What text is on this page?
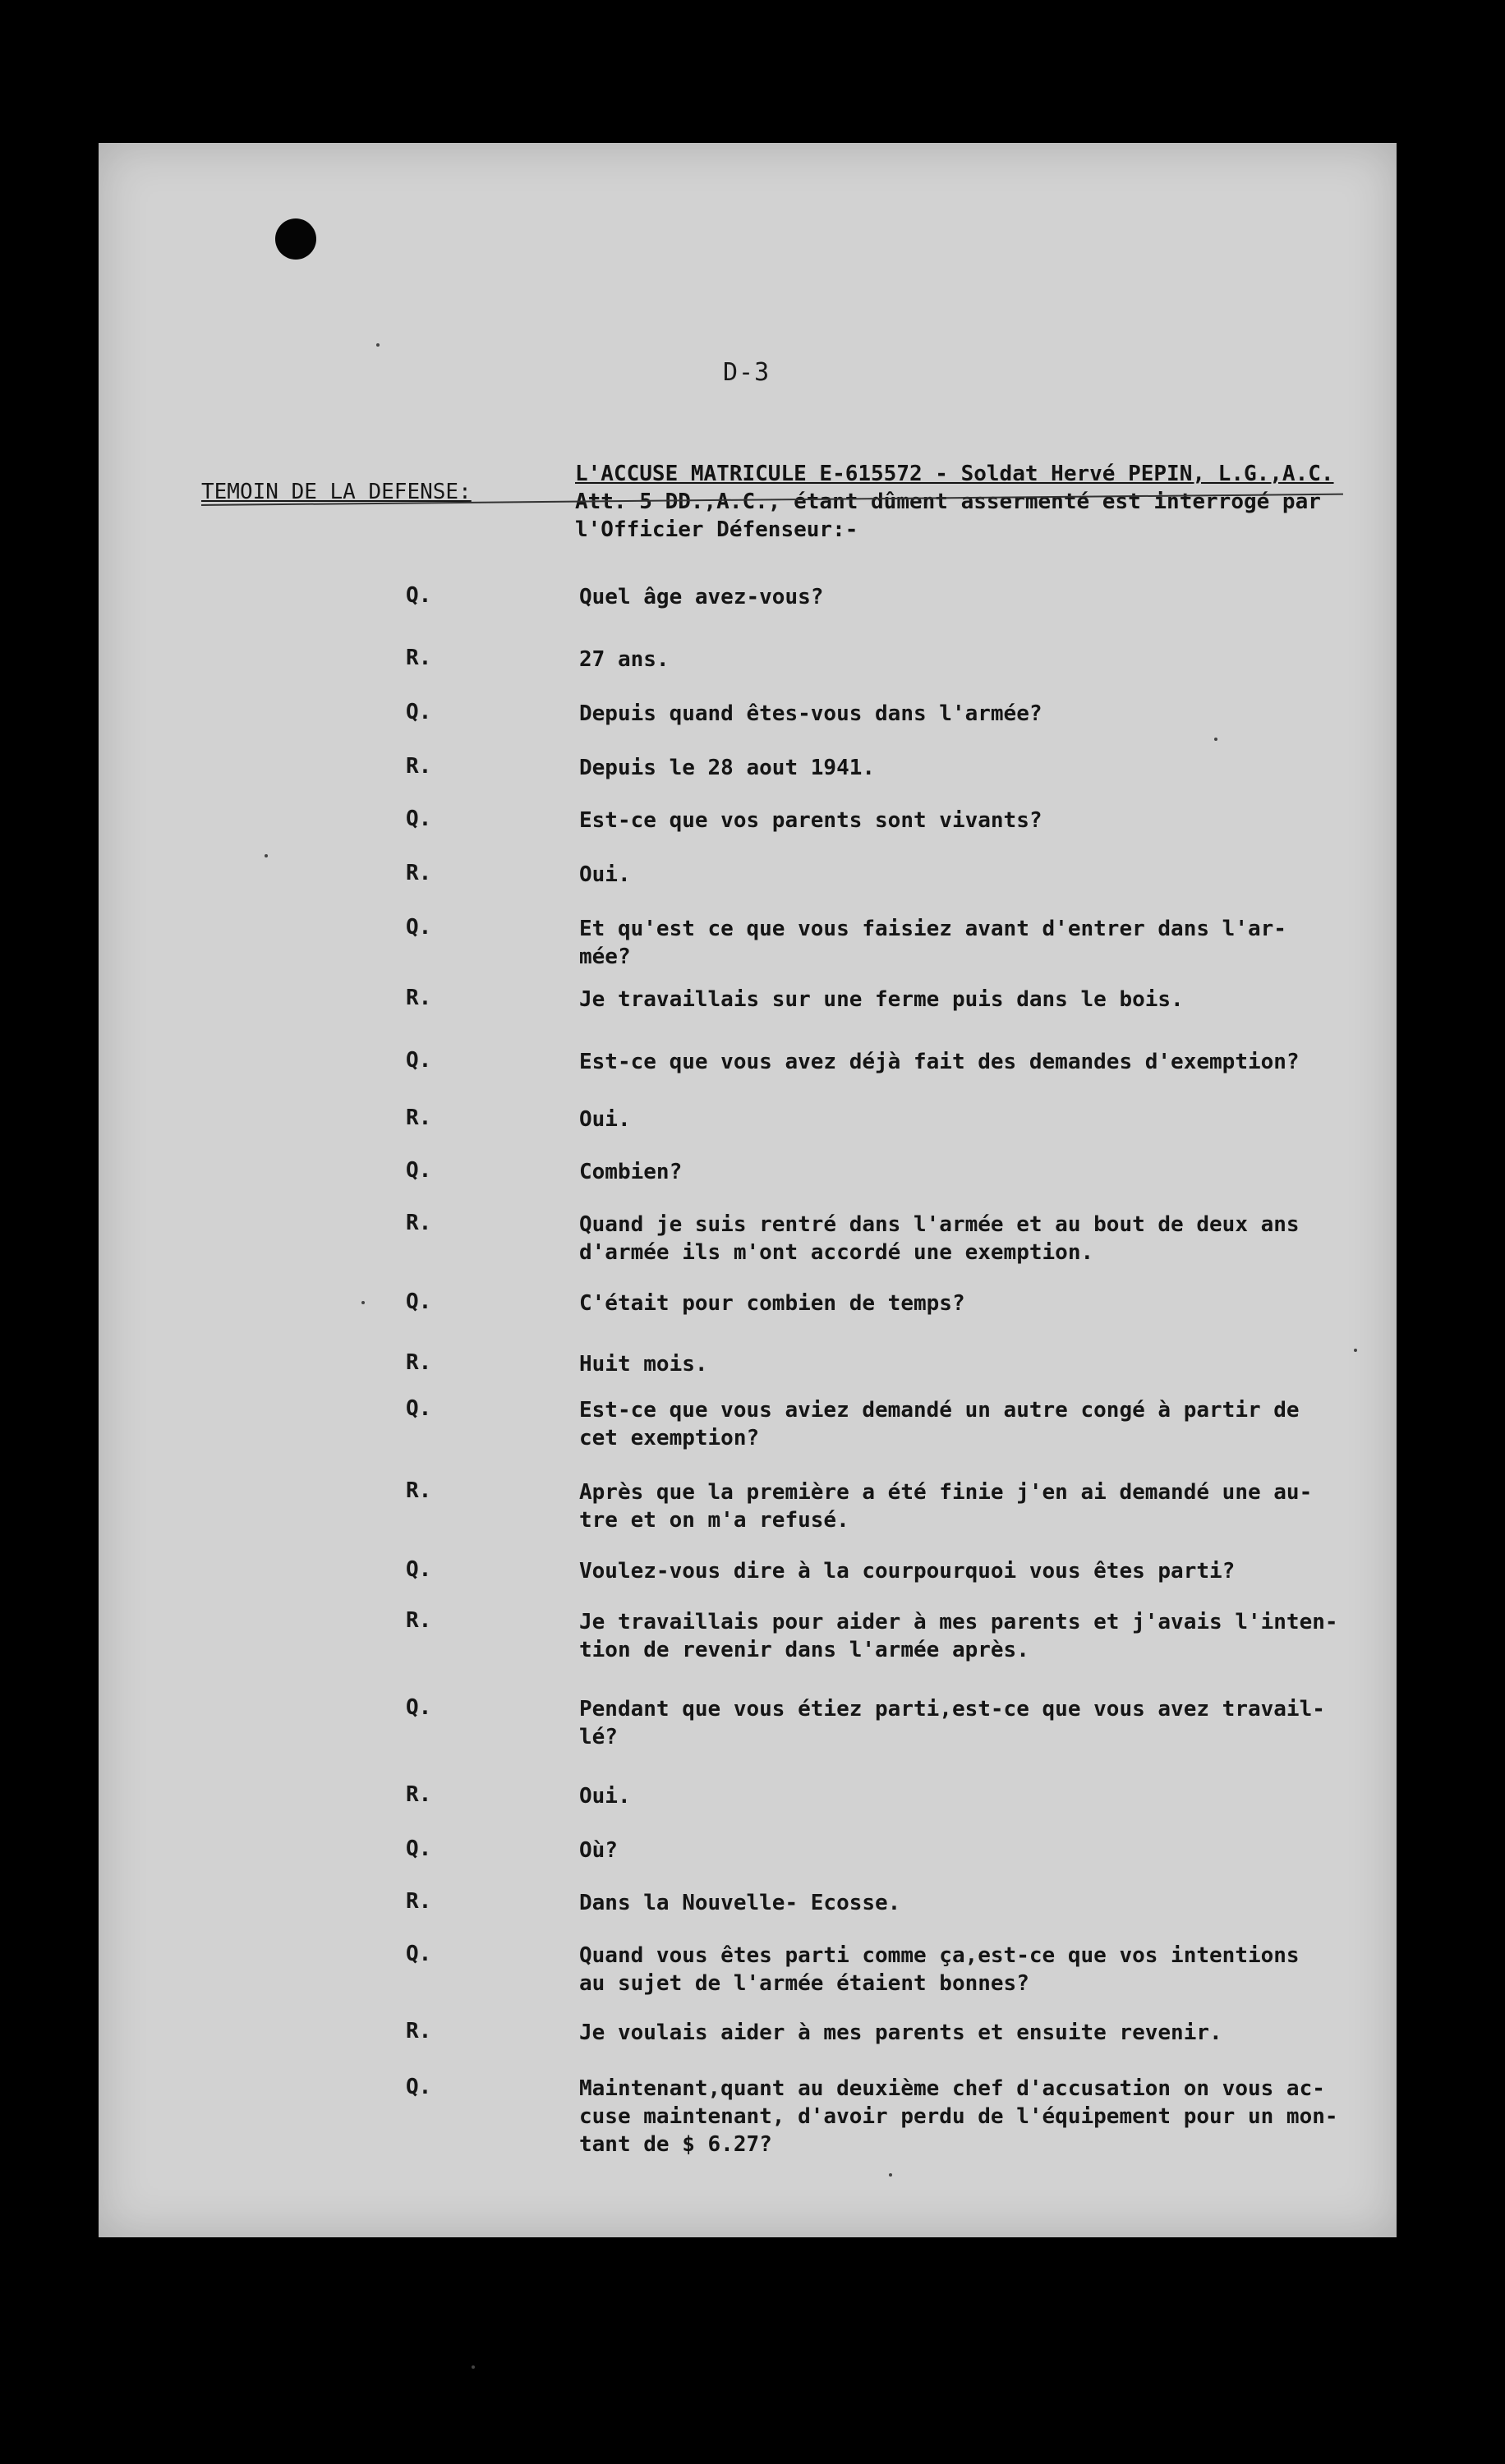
D-3
TEMOIN DE LA DEFENSE:
L'ACCUSE MATRICULE E-615572 - Soldat Hervé PEPIN, L.G.,A.C.
Att. 5 DD.,A.C., étant dûment assermenté est interrogé par
l'Officier Défenseur:-
Q.	Quel âge avez-vous?
R.	27 ans.
Q.	Depuis quand êtes-vous dans l'armée?
R.	Depuis le 28 aout 1941.
Q.	Est-ce que vos parents sont vivants?
R.	Oui.
Q.	Et qu'est ce que vous faisiez avant d'entrer dans l'ar-
mée?
R.	Je travaillais sur une ferme puis dans le bois.
Q.	Est-ce que vous avez déjà fait des demandes d'exemption?
R.	Oui.
Q.	Combien?
R.	Quand je suis rentré dans l'armée et au bout de deux ans
d'armée ils m'ont accordé une exemption.
Q.	C'était pour combien de temps?
R.	Huit mois.
Q.	Est-ce que vous aviez demandé un autre congé à partir de
cet exemption?
R.	Après que la première a été finie j'en ai demandé une au-
tre et on m'a refusé.
Q.	Voulez-vous dire à la courpourquoi vous êtes parti?
R.	Je travaillais pour aider à mes parents et j'avais l'inten-
tion de revenir dans l'armée après.
Q.	Pendant que vous étiez parti,est-ce que vous avez travail-
lé?
R.	Oui.
Q.	Où?
R.	Dans la Nouvelle- Ecosse.
Q.	Quand vous êtes parti comme ça,est-ce que vos intentions
au sujet de l'armée étaient bonnes?
R.	Je voulais aider à mes parents et ensuite revenir.
Q.	Maintenant,quant au deuxième chef d'accusation on vous ac-
cuse maintenant, d'avoir perdu de l'équipement pour un mon-
tant de $ 6.27?
